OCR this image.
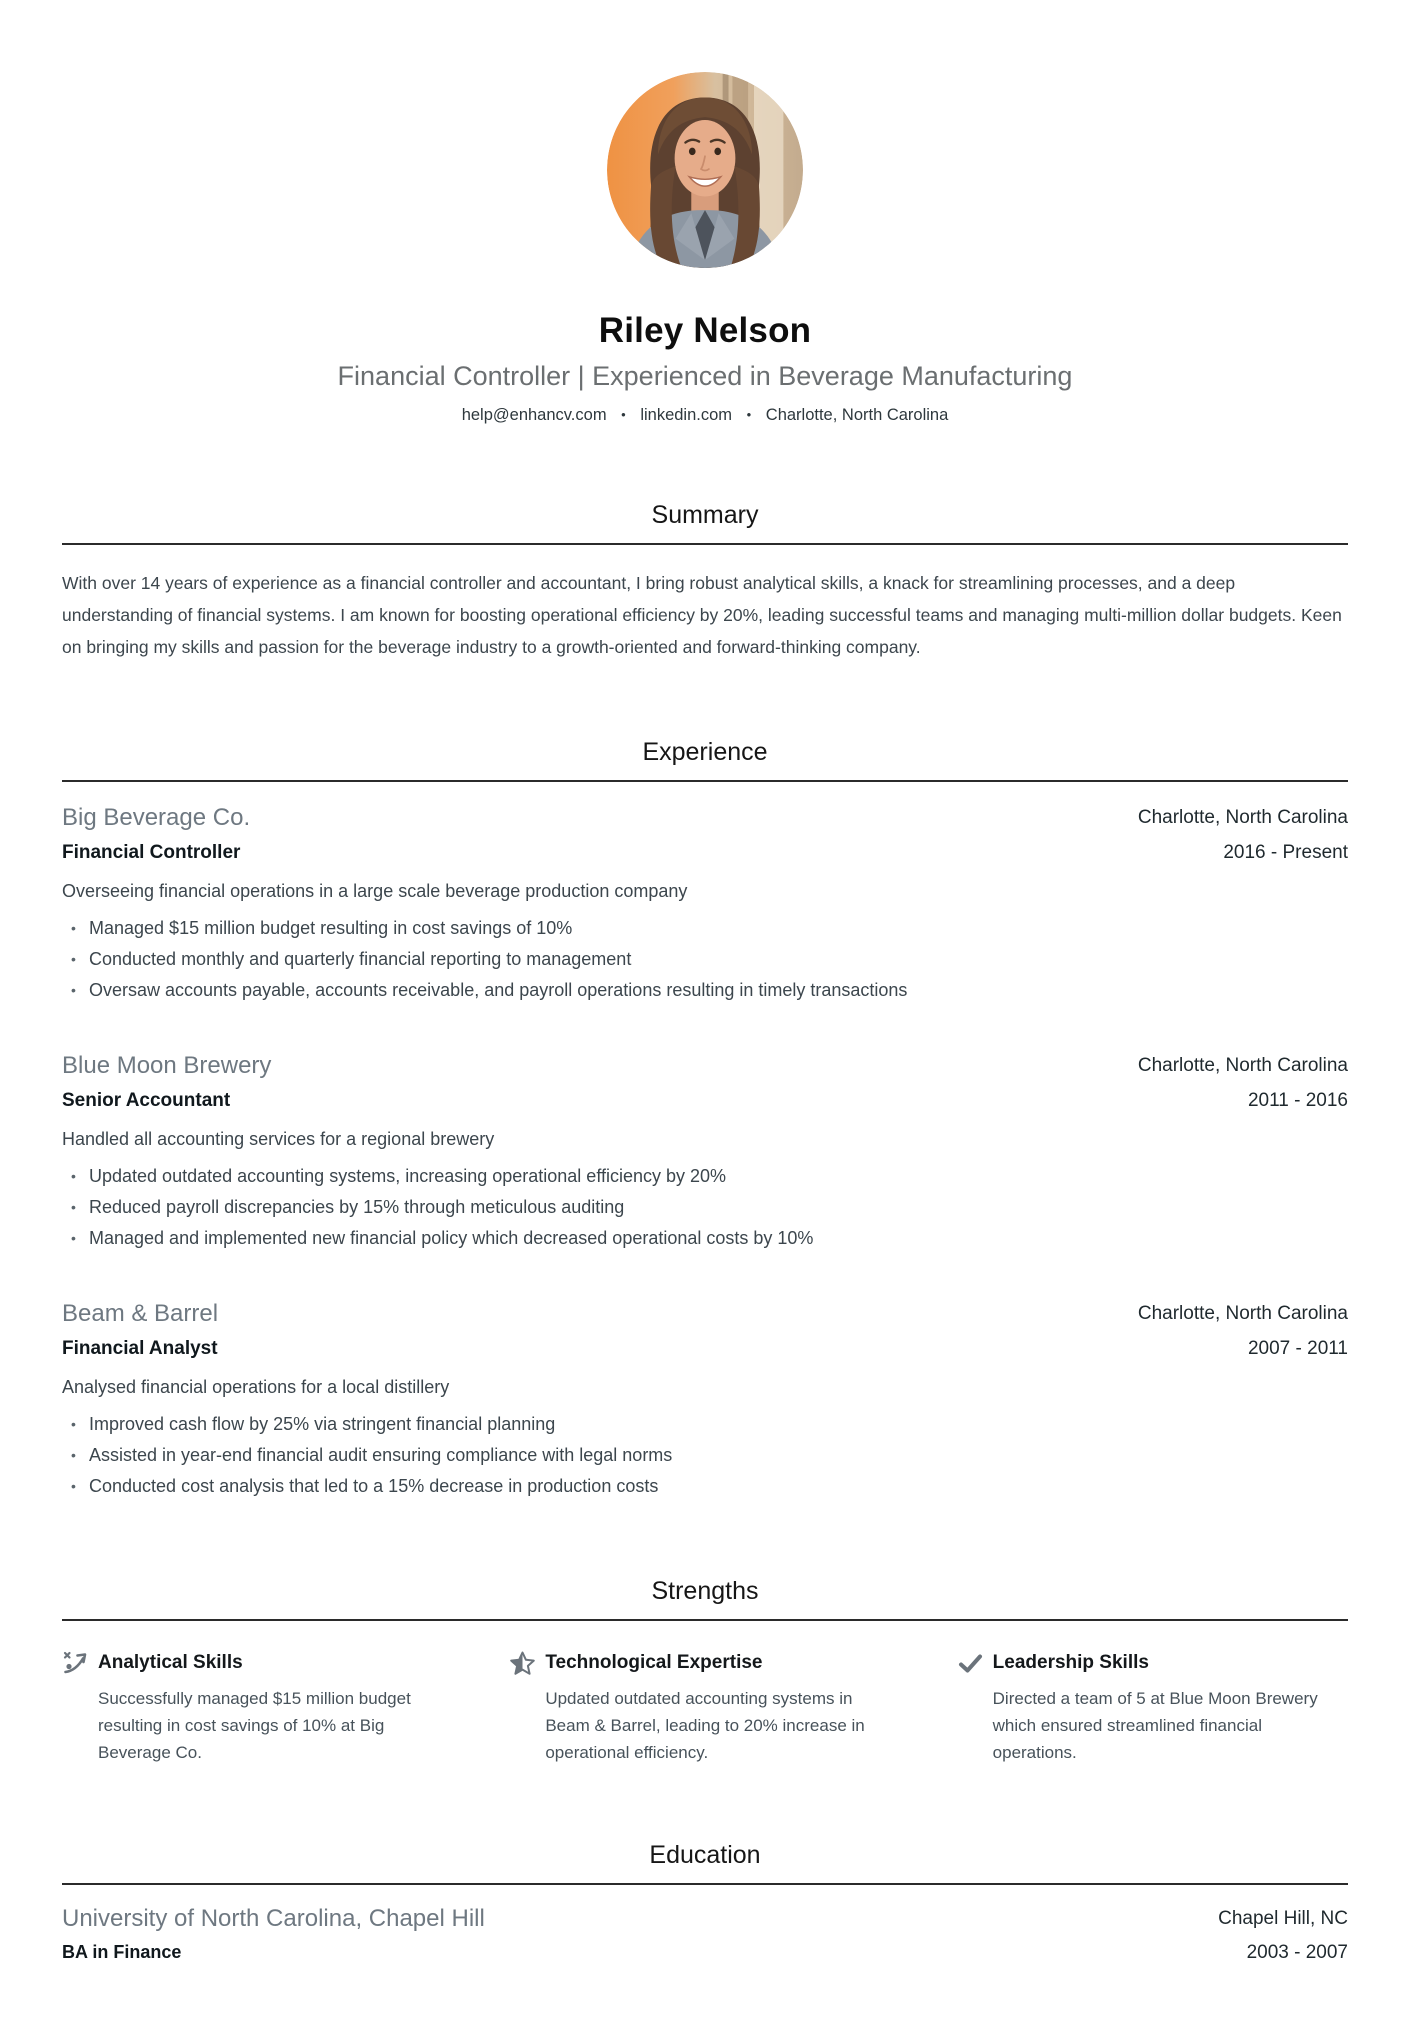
Riley Nelson
Financial Controller | Experienced in Beverage Manufacturing
help@enhancv.com • linkedin.com • Charlotte, North Carolina
Summary

With over 14 years of experience as a financial controller and accountant, I bring robust analytical skills, a knack for streamlining processes, and a deep understanding of financial systems. I am known for boosting operational efficiency by 20%, leading successful teams and managing multi-million dollar budgets. Keen on bringing my skills and passion for the beverage industry to a growth-oriented and forward-thinking company.

Experience
Big Beverage Co.
Financial Controller
Charlotte, North Carolina
2016 - Present

Overseeing financial operations in a large scale beverage production company

• Managed $15 million budget resulting in cost savings of 10%
• Conducted monthly and quarterly financial reporting to management
• Oversaw accounts payable, accounts receivable, and payroll operations resulting in timely transactions
Blue Moon Brewery
Senior Accountant
Charlotte, North Carolina
2011 - 2016

Handled all accounting services for a regional brewery

• Updated outdated accounting systems, increasing operational efficiency by 20%
• Reduced payroll discrepancies by 15% through meticulous auditing
• Managed and implemented new financial policy which decreased operational costs by 10%
Beam & Barrel
Financial Analyst
Charlotte, North Carolina
2007 - 2011

Analysed financial operations for a local distillery

• Improved cash flow by 25% via stringent financial planning
• Assisted in year-end financial audit ensuring compliance with legal norms
• Conducted cost analysis that led to a 15% decrease in production costs
Strengths
Analytical Skills

Successfully managed $15 million budget resulting in cost savings of 10% at Big Beverage Co.

Technological Expertise

Updated outdated accounting systems in Beam & Barrel, leading to 20% increase in operational efficiency.

Leadership Skills

Directed a team of 5 at Blue Moon Brewery which ensured streamlined financial operations.

Education
University of North Carolina, Chapel Hill
BA in Finance
Chapel Hill, NC
2003 - 2007
